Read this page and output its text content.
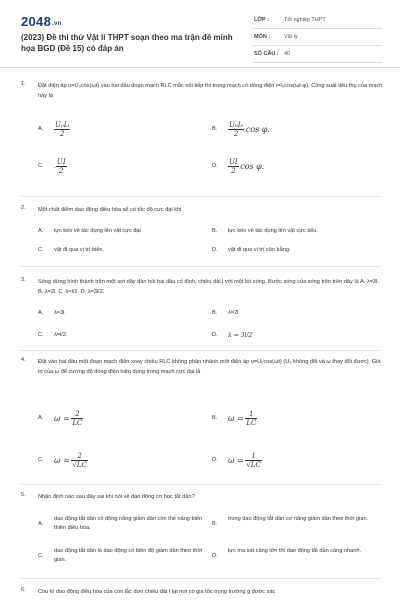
2048.vn
(2023) Đề thi thử Vật lí THPT soạn theo ma trận đề minh họa BGD (Đề 15) có đáp án
LỚP :	Tốt nghiệp THPT
MÔN :	Vật lý
SỐ CÂU : 40
1. Đặt điện áp u=U₀cos(ωt) vào hai đầu đoạn mạch RLC mắc nối tiếp thì trong mạch có dòng điện i=I₀cos(ωt-φ). Công suất tiêu thụ của mạch này là
A. $\frac{\text{U₀I₀}}{2}$	B. $\frac{\text{U₀I₀}}{2}$ cos φ.
C. . $\frac{UI}{2}$	D. $\frac{UI}{2}$ cos φ.
2. Một chất điểm dao động điều hòa sẽ có tốc độ cực đại khi
A. lực kéo về tác dụng lên vật cực đại	B. lực kéo về tác dụng lên vật cực tiểu.
C. vật đi qua vị trí biên.	D. vật đi qua vị trí cân bằng.
3. Sóng dừng hình thành trên một sợi dây đàn hồi hai đầu cố định, chiều dài l với một bó sóng. Bước sóng của sóng trên trên dây là A. λ=3l. B. λ=2l. C. λ=l/2. D. λ=3l/2.
A. λ=3l.	B. λ=2l.
C. λ=l/2.	D. λ = 3l/2
4. Đặt vào hai đầu một đoạn mạch điện xoay chiều RLC không phân nhánh một điện áp u=U₀cos(ωt) (U₀ không đổi và ω thay đổi được). Giá trị của ω để cường độ dòng điện hiệu dụng trong mạch cực đại là
A. $\omega = \frac{2}{LC}$	B. $\omega = \frac{1}{LC}$
C. $\omega = \frac{2}{√LC}$	D. $\omega = \frac{1}{√LC}$
5. Nhận định nào sau đây sai khi nói về dao động cơ học tắt dần?
A.
dao động tắt dần có động năng giảm dần còn thế năng biến thiên điều hòa.
B.
trong dao động tắt dần cơ năng giảm dần theo thời gian.
C.
dao động tắt dần là dao động có biên độ giảm dần theo thời gian.
D.
lực ma sát càng lớn thì dao động tắt dần càng nhanh.
6. Chu kì dao động điều hòa của con lắc đơn chiều dài l tại nơi có gia tốc trọng trường g được xác
